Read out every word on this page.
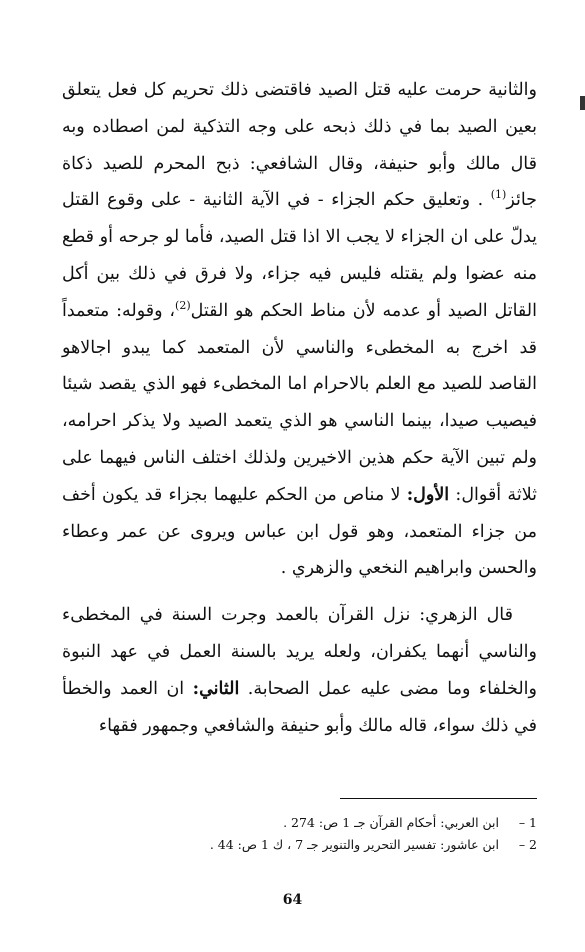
والثانية حرمت عليه قتل الصيد فاقتضى ذلك تحريم كل فعل يتعلق بعين الصيد بما في ذلك ذبحه على وجه التذكية لمن اصطاده وبه قال مالك وأبو حنيفة، وقال الشافعي: ذبح المحرم للصيد ذكاة جائز$^{(1)}$ . وتعليق حكم الجزاء - في الآية الثانية - على وقوع القتل يدلّ على ان الجزاء لا يجب الا اذا قتل الصيد، فأما لو جرحه أو قطع منه عضوا ولم يقتله فليس فيه جزاء، ولا فرق في ذلك بين أكل القاتل الصيد أو عدمه لأن مناط الحكم هو القتل$^{(2)}$، وقوله: متعمداً قد اخرج به المخطىء والناسي لأن المتعمد كما يبدو اجالاهو القاصد للصيد مع العلم بالاحرام اما المخطىء فهو الذي يقصد شيئا فيصيب صيدا، بينما الناسي هو الذي يتعمد الصيد ولا يذكر احرامه، ولم تبين الآية حكم هذين الاخيرين ولذلك اختلف الناس فيهما على ثلاثة أقوال: الأول: لا مناص من الحكم عليهما بجزاء قد يكون أخف من جزاء المتعمد، وهو قول ابن عباس ويروى عن عمر وعطاء والحسن وابراهيم النخعي والزهري .

قال الزهري: نزل القرآن بالعمد وجرت السنة في المخطىء والناسي أنهما يكفران، ولعله يريد بالسنة العمل في عهد النبوة والخلفاء وما مضى عليه عمل الصحابة. الثاني: ان العمد والخطأ في ذلك سواء، قاله مالك وأبو حنيفة والشافعي وجمهور فقهاء

1 –
ابن العربي: أحكام القرآن جـ 1 ص: 274 .
2 –
ابن عاشور: تفسير التحرير والتنوير جـ 7 ، ك 1 ص: 44 .
64
